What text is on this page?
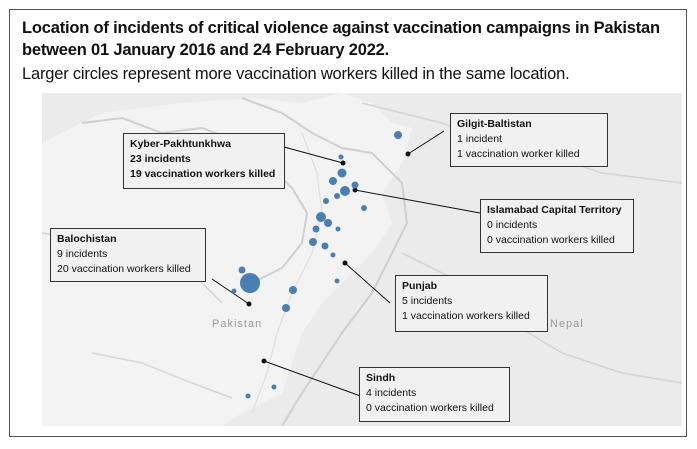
Location of incidents of critical violence against vaccination campaigns in Pakistan between 01 January 2016 and 24 February 2022.
Larger circles represent more vaccination workers killed in the same location.
Pakistan	Nepal
Kyber-Pakhtunkhwa
23 incidents
19 vaccination workers killed
Gilgit-Baltistan
1 incident
1 vaccination worker killed
Islamabad Capital Territory
0 incidents
0 vaccination workers killed
Balochistan
9 incidents
20 vaccination workers killed
Punjab
5 incidents
1 vaccination workers killed
Sindh
4 incidents
0 vaccination workers killed
